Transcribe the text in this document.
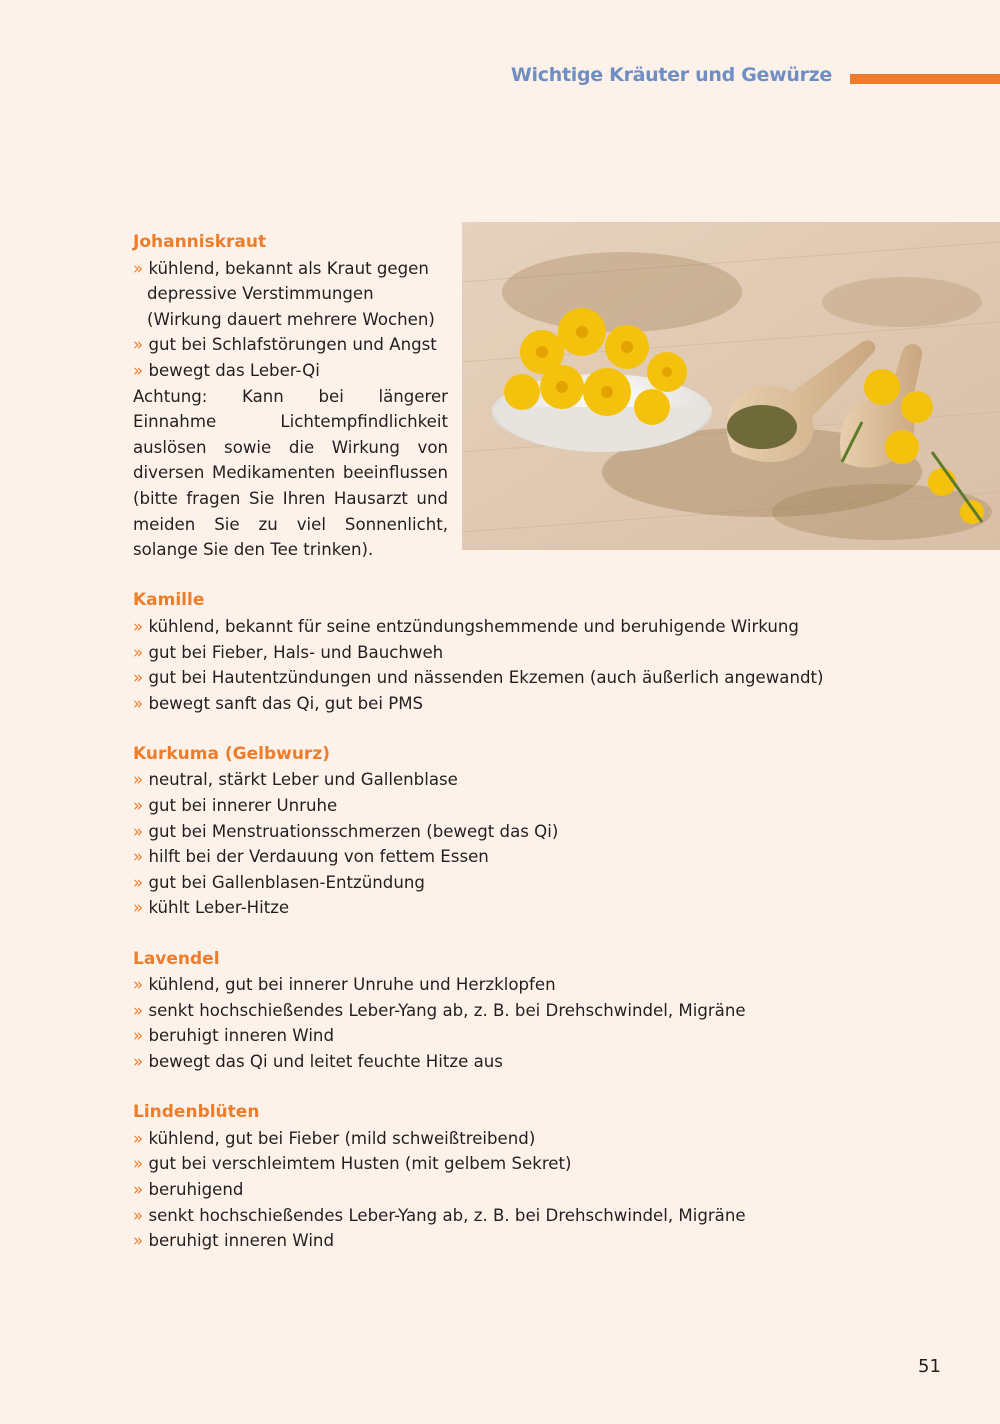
Wichtige Kräuter und Gewürze
Johanniskraut
» kühlend, bekannt als Kraut gegen depressive Verstimmungen (Wirkung dauert mehrere Wochen)
» gut bei Schlafstörungen und Angst
» bewegt das Leber-Qi
Achtung: Kann bei längerer Einnahme Lichtempfindlichkeit auslösen sowie die Wirkung von diversen Medikamenten beeinflussen (bitte fragen Sie Ihren Hausarzt und meiden Sie zu viel Sonnenlicht, solange Sie den Tee trinken).
Kamille
» kühlend, bekannt für seine entzündungshemmende und beruhigende Wirkung
» gut bei Fieber, Hals- und Bauchweh
» gut bei Hautentzündungen und nässenden Ekzemen (auch äußerlich angewandt)
» bewegt sanft das Qi, gut bei PMS
Kurkuma (Gelbwurz)
» neutral, stärkt Leber und Gallenblase
» gut bei innerer Unruhe
» gut bei Menstruationsschmerzen (bewegt das Qi)
» hilft bei der Verdauung von fettem Essen
» gut bei Gallenblasen-Entzündung
» kühlt Leber-Hitze
Lavendel
» kühlend, gut bei innerer Unruhe und Herzklopfen
» senkt hochschießendes Leber-Yang ab, z. B. bei Drehschwindel, Migräne
» beruhigt inneren Wind
» bewegt das Qi und leitet feuchte Hitze aus
Lindenblüten
» kühlend, gut bei Fieber (mild schweißtreibend)
» gut bei verschleimtem Husten (mit gelbem Sekret)
» beruhigend
» senkt hochschießendes Leber-Yang ab, z. B. bei Drehschwindel, Migräne
» beruhigt inneren Wind
51
